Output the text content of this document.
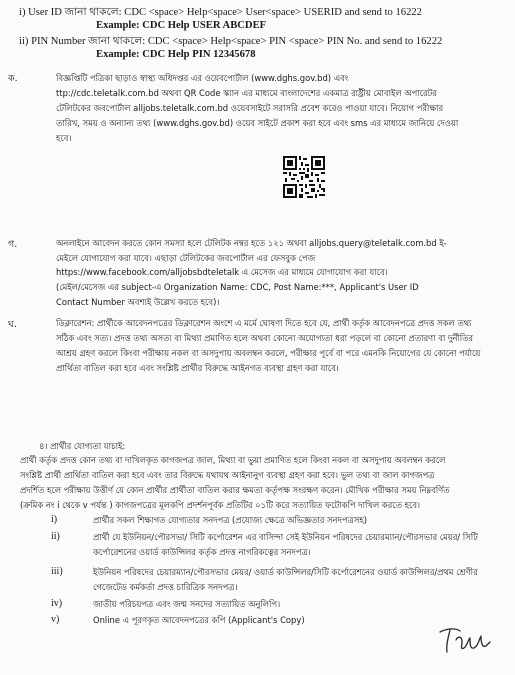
i) User ID জানা থাকলে: CDC <space> Help<space> User<space> USERID and send to 16222
Example: CDC Help USER ABCDEF
ii) PIN Number জানা থাকলে: CDC <space> Help<space> PIN <space> PIN No. and send to 16222
Example: CDC Help PIN 12345678
ক.	বিজ্ঞপ্তিটি পত্রিকা ছাড়াও স্বাস্থ্য অধিদপ্তর এর ওয়েবপোর্টাল (www.dghs.gov.bd) এবং
ttp://cdc.teletalk.com.bd অথবা QR Code স্ক্যান এর মাধ্যমে বাংলাদেশের একমাত্র রাষ্ট্রীয় মোবাইল অপারেটর
টেলিটকের জবপোর্টাল alljobs.teletalk.com.bd ওয়েবসাইটে সরাসরি প্রবেশ করেও পাওয়া যাবে। নিয়োগ পরীক্ষার
তারিখ, সময় ও অন্যান্য তথ্য (www.dghs.gov.bd) ওয়েব সাইটে প্রকাশ করা হবে এবং sms এর মাধ্যমে জানিয়ে দেওয়া
হবে।
গ.	অনলাইনে আবেদন করতে কোন সমস্যা হলে টেলিটক নম্বর হতে ১২১ অথবা alljobs.query@teletalk.com.bd ই-
মেইলে যোগাযোগ করা যাবে। এছাড়া টেলিটকের জবপোর্টাল এর ফেসবুক পেজ
https://www.facebook.com/alljobsbdteletalk এ মেসেজ এর মাধ্যমে যোগাযোগ করা যাবে।
(মেইল/মেসেজ এর subject-এ Organization Name: CDC, Post Name:***, Applicant's User ID
Contact Number অবশ্যই উল্লেখ করতে হবে)।
ঘ.	ডিক্লারেশন: প্রার্থীকে আবেদনপত্রের ডিক্লারেশন অংশে এ মর্মে ঘোষণা দিতে হবে যে, প্রার্থী কর্তৃক আবেদনপত্রে প্রদত্ত সকল তথ্য
সঠিক এবং সত্য। প্রদত্ত তথ্য অসত্য বা মিথ্যা প্রমাণিত হলে অথবা কোনো অযোগ্যতা ধরা পড়লে বা কোনো প্রতারণা বা দুর্নীতির
আশ্রয় গ্রহণ করলে কিংবা পরীক্ষায় নকল বা অসদুপায় অবলম্বন করলে, পরীক্ষার পূর্বে বা পরে এমনকি নিয়োগের যে কোনো পর্যায়ে
প্রার্থিতা বাতিল করা হবে এবং সংশ্লিষ্ট প্রার্থীর বিরুদ্ধে আইনগত ব্যবস্থা গ্রহণ করা যাবে।
৪। প্রার্থীর যোগ্যতা যাচাই:
প্রার্থী কর্তৃক প্রদত্ত কোন তথ্য বা দাখিলকৃত কাগজপত্র জাল, মিথ্যা বা ভুয়া প্রমাণিত হলে কিংবা নকল বা অসদুপায় অবলম্বন করলে
সংশ্লিষ্ট প্রার্থী প্রার্থিতা বাতিল করা হবে এবং তার বিরুদ্ধে যথাযথ আইনানুগ ব্যবস্থা গ্রহণ করা হবে। ভুল তথ্য বা জাল কাগজপত্র
প্রদর্শিত হলে পরীক্ষায় উত্তীর্ণ যে কোন প্রার্থীর প্রার্থীতা বাতিল করার ক্ষমতা কর্তৃপক্ষ সংরক্ষণ করেন। মৌখিক পরীক্ষার সময় নিম্নবর্ণিত
(ক্রমিক নং i থেকে v পর্যন্ত ) কাগজপত্রের মূলকপি প্রদর্শনপূর্বক প্রতিটির ০১টি করে সত্যায়িত ফটোকপি দাখিল করতে হবে।
i)	প্রার্থীর সকল শিক্ষাগত যোগ্যতার সনদপত্র (প্রযোজ্য ক্ষেত্রে অভিজ্ঞতার সনদপত্রসহ)
ii)	প্রার্থী যে ইউনিয়ন/পৌরসভা/ সিটি কর্পোরেশন এর বাসিন্দা সেই ইউনিয়ন পরিষদের চেয়ারম্যান/পৌরসভার মেয়র/ সিটি
কর্পোরেশনের ওয়ার্ড কাউন্সিলর কর্তৃক প্রদত্ত নাগরিকত্বের সনদপত্র।
iii)	ইউনিয়ন পরিষদের চেয়ারম্যান/পৌরসভার মেয়র/ ওয়ার্ড কাউন্সিলর/সিটি কর্পোরেশনের ওয়ার্ড কাউন্সিলর/প্রথম শ্রেণীর
গেজেটেড কর্মকর্তা প্রদত্ত চারিত্রিক সনদপত্র।
iv)	জাতীয় পরিচয়পত্র এবং জন্ম সনদের সত্যায়িত অনুলিপি।
v)	Online এ পূরণকৃত আবেদনপত্রের কপি (Applicant's Copy)
